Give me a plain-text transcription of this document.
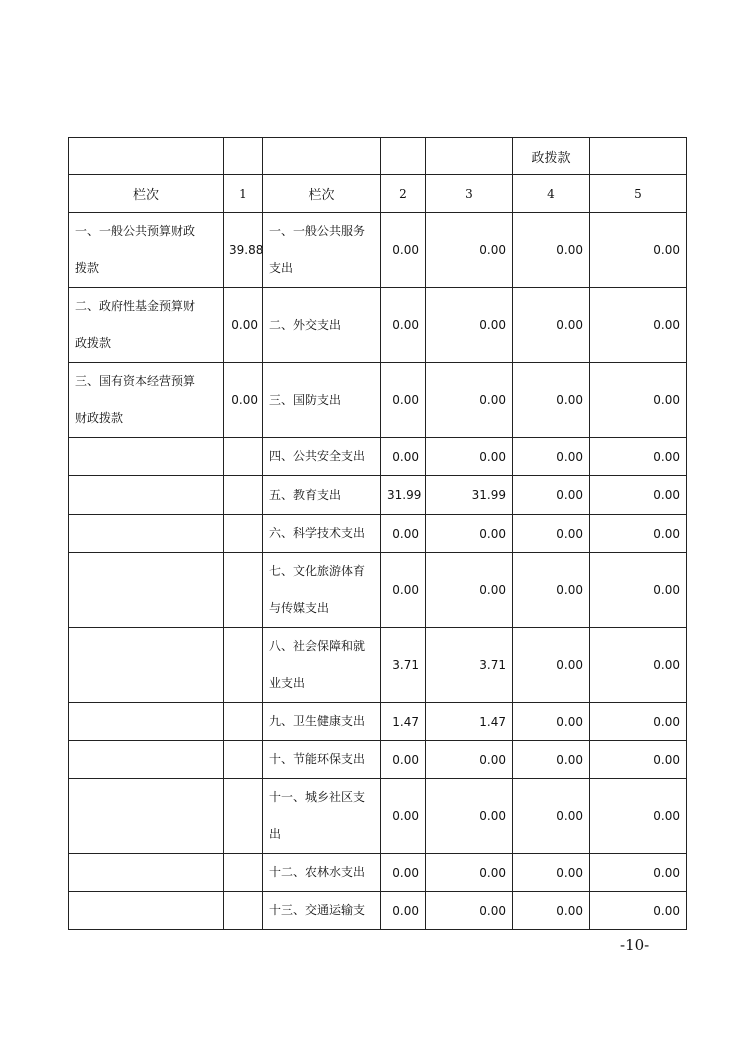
					政拨款	
栏次	1	栏次	2	3	4	5

一、一般公共预算财政
拨款	39.88	一、一般公共服务
支出	0.00	0.00	0.00	0.00

二、政府性基金预算财
政拨款	0.00	二、外交支出	0.00	0.00	0.00	0.00

三、国有资本经营预算
财政拨款	0.00	三、国防支出	0.00	0.00	0.00	0.00

		四、公共安全支出	0.00	0.00	0.00	0.00

		五、教育支出	31.99	31.99	0.00	0.00

		六、科学技术支出	0.00	0.00	0.00	0.00

		七、文化旅游体育
与传媒支出	0.00	0.00	0.00	0.00

		八、社会保障和就
业支出	3.71	3.71	0.00	0.00

		九、卫生健康支出	1.47	1.47	0.00	0.00

		十、节能环保支出	0.00	0.00	0.00	0.00

		十一、城乡社区支
出	0.00	0.00	0.00	0.00

		十二、农林水支出	0.00	0.00	0.00	0.00

		十三、交通运输支	0.00	0.00	0.00	0.00
-10-
